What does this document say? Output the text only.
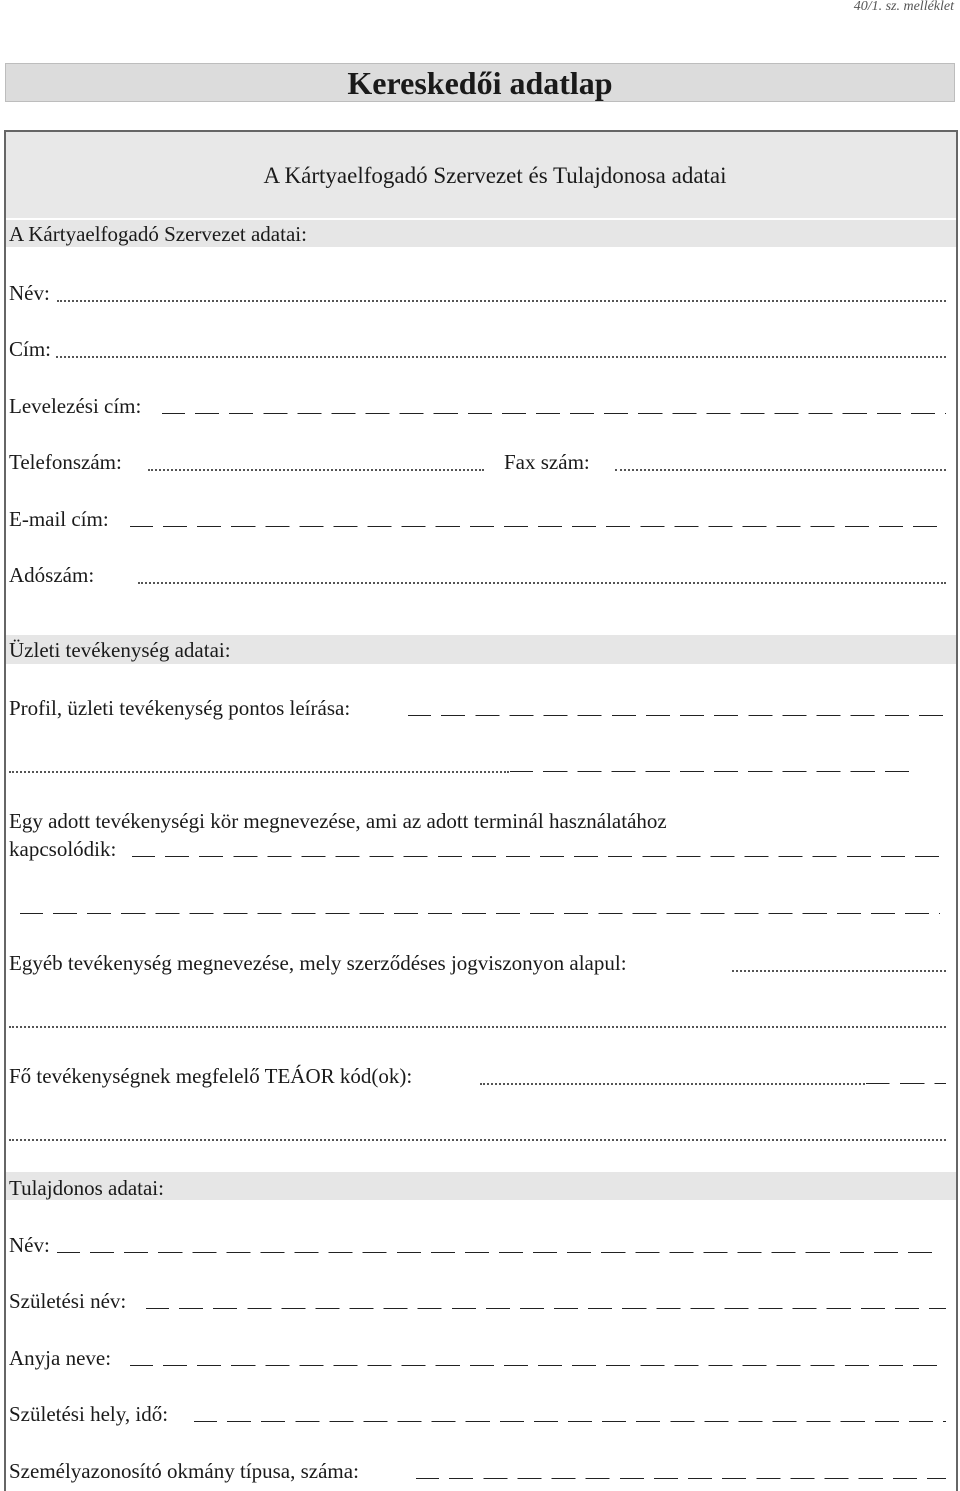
40/1. sz. melléklet
Kereskedői adatlap
A Kártyaelfogadó Szervezet és Tulajdonosa adatai
A Kártyaelfogadó Szervezet adatai:
Név:
Cím:
Levelezési cím:
Telefonszám:	Fax szám:
E-mail cím:
Adószám:
Üzleti tevékenység adatai:
Profil, üzleti tevékenység pontos leírása:
Egy adott tevékenységi kör megnevezése, ami az adott terminál használatához
kapcsolódik:
Egyéb tevékenység megnevezése, mely szerződéses jogviszonyon alapul:
Fő tevékenységnek megfelelő TEÁOR kód(ok):
Tulajdonos adatai:
Név:
Születési név:
Anyja neve:
Születési hely, idő:
Személyazonosító okmány típusa, száma:
